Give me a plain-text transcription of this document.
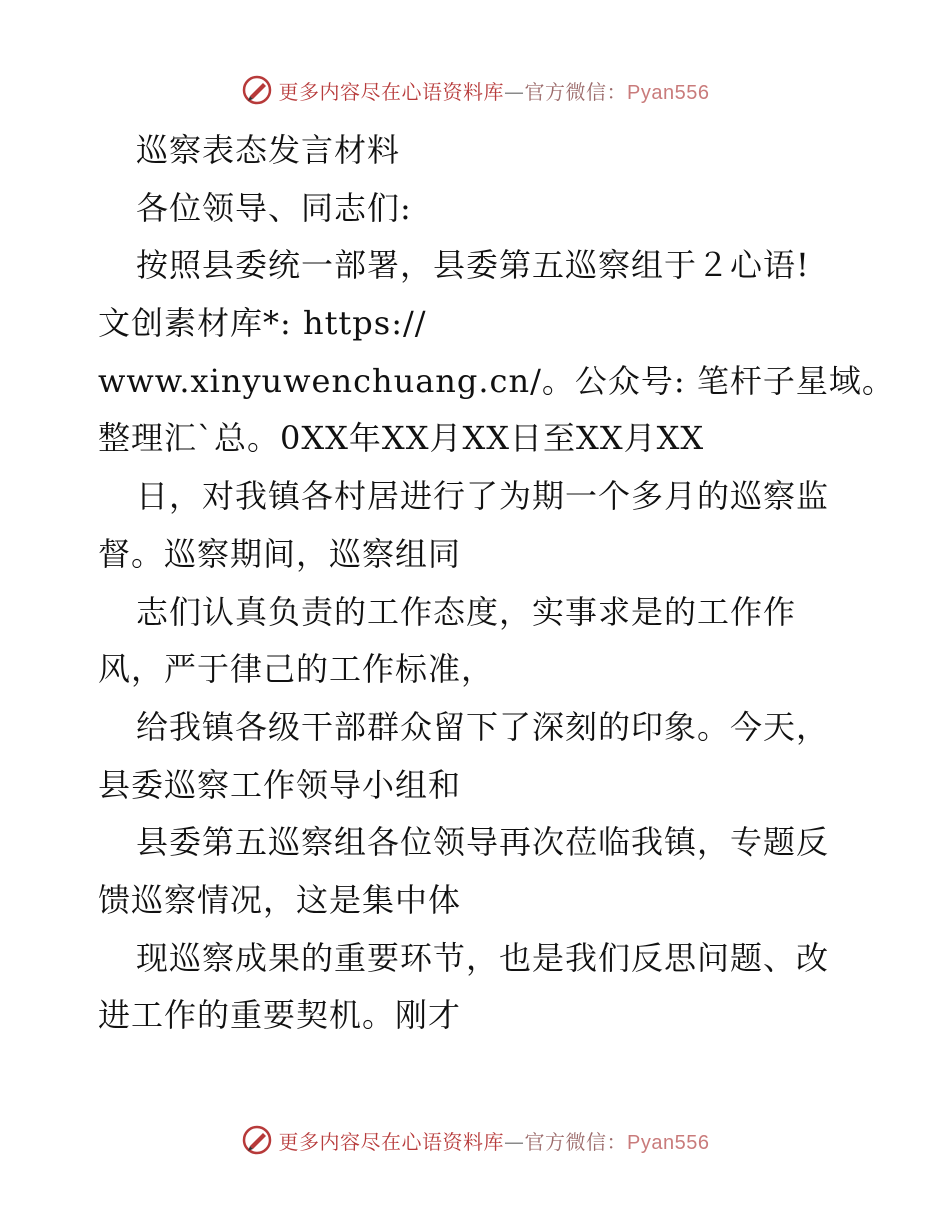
更多内容尽在心语资料库—官方微信：Pyan556
巡察表态发言材料
各位领导、同志们:
按照县委统一部署，县委第五巡察组于２心语!
文创素材库*: https://
www.xinyuwenchuang.cn/。公众号: 笔杆子星域。
整理汇`总。0XX年XX月XX日至XX月XX
日，对我镇各村居进行了为期一个多月的巡察监
督。巡察期间，巡察组同
志们认真负责的工作态度，实事求是的工作作
风，严于律己的工作标准，
给我镇各级干部群众留下了深刻的印象。今天，
县委巡察工作领导小组和
县委第五巡察组各位领导再次莅临我镇，专题反
馈巡察情况，这是集中体
现巡察成果的重要环节，也是我们反思问题、改
进工作的重要契机。刚才
更多内容尽在心语资料库—官方微信：Pyan556
